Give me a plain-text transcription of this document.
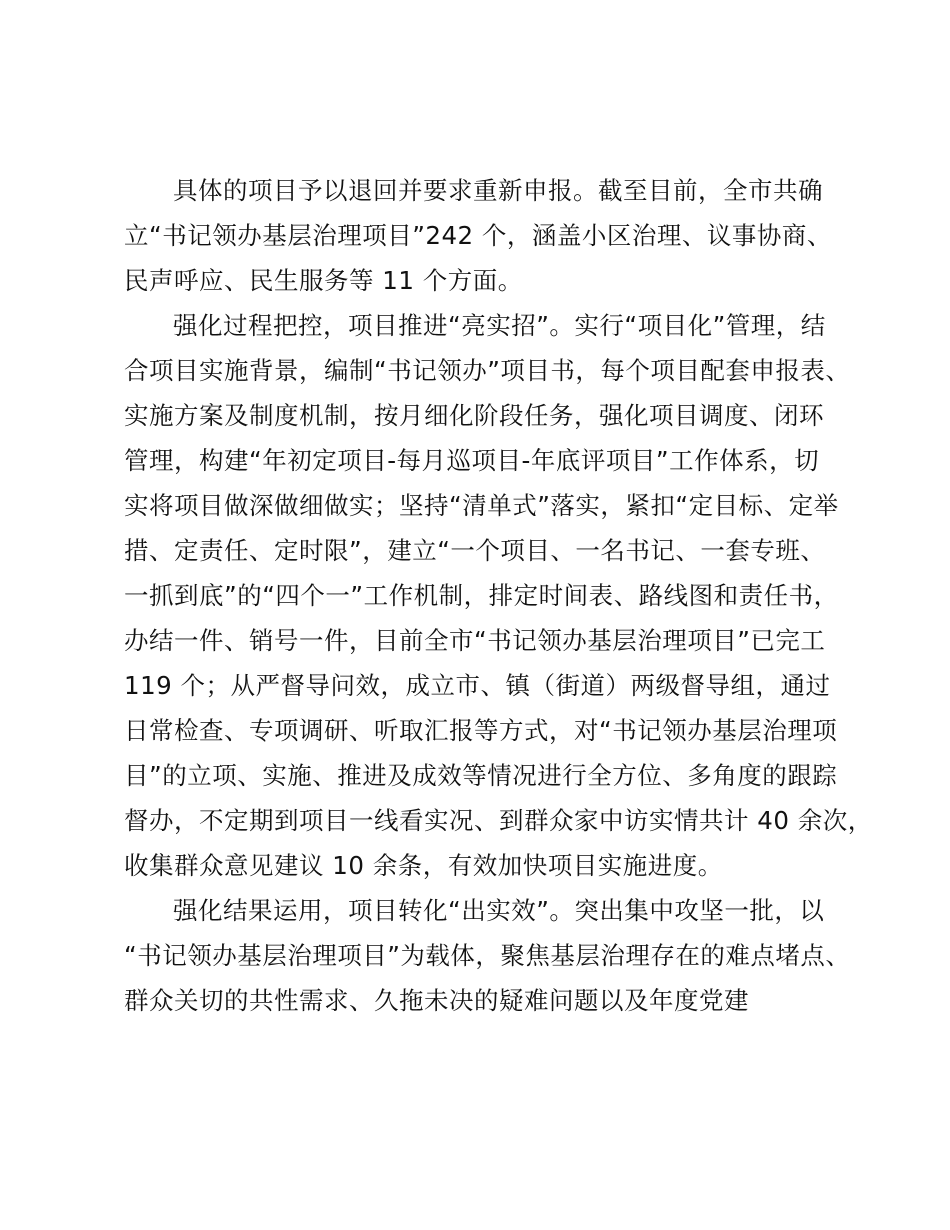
具体的项目予以退回并要求重新申报。截至目前，全市共确
立“书记领办基层治理项目”242 个，涵盖小区治理、议事协商、
民声呼应、民生服务等 11 个方面。
强化过程把控，项目推进“亮实招”。实行“项目化”管理，结
合项目实施背景，编制“书记领办”项目书，每个项目配套申报表、
实施方案及制度机制，按月细化阶段任务，强化项目调度、闭环
管理，构建“年初定项目-每月巡项目-年底评项目”工作体系，切
实将项目做深做细做实；坚持“清单式”落实，紧扣“定目标、定举
措、定责任、定时限”，建立“一个项目、一名书记、一套专班、
一抓到底”的“四个一”工作机制，排定时间表、路线图和责任书，
办结一件、销号一件，目前全市“书记领办基层治理项目”已完工
119 个；从严督导问效，成立市、镇（街道）两级督导组，通过
日常检查、专项调研、听取汇报等方式，对“书记领办基层治理项
目”的立项、实施、推进及成效等情况进行全方位、多角度的跟踪
督办，不定期到项目一线看实况、到群众家中访实情共计 40 余次，
收集群众意见建议 10 余条，有效加快项目实施进度。
强化结果运用，项目转化“出实效”。突出集中攻坚一批，以
“书记领办基层治理项目”为载体，聚焦基层治理存在的难点堵点、
群众关切的共性需求、久拖未决的疑难问题以及年度党建
